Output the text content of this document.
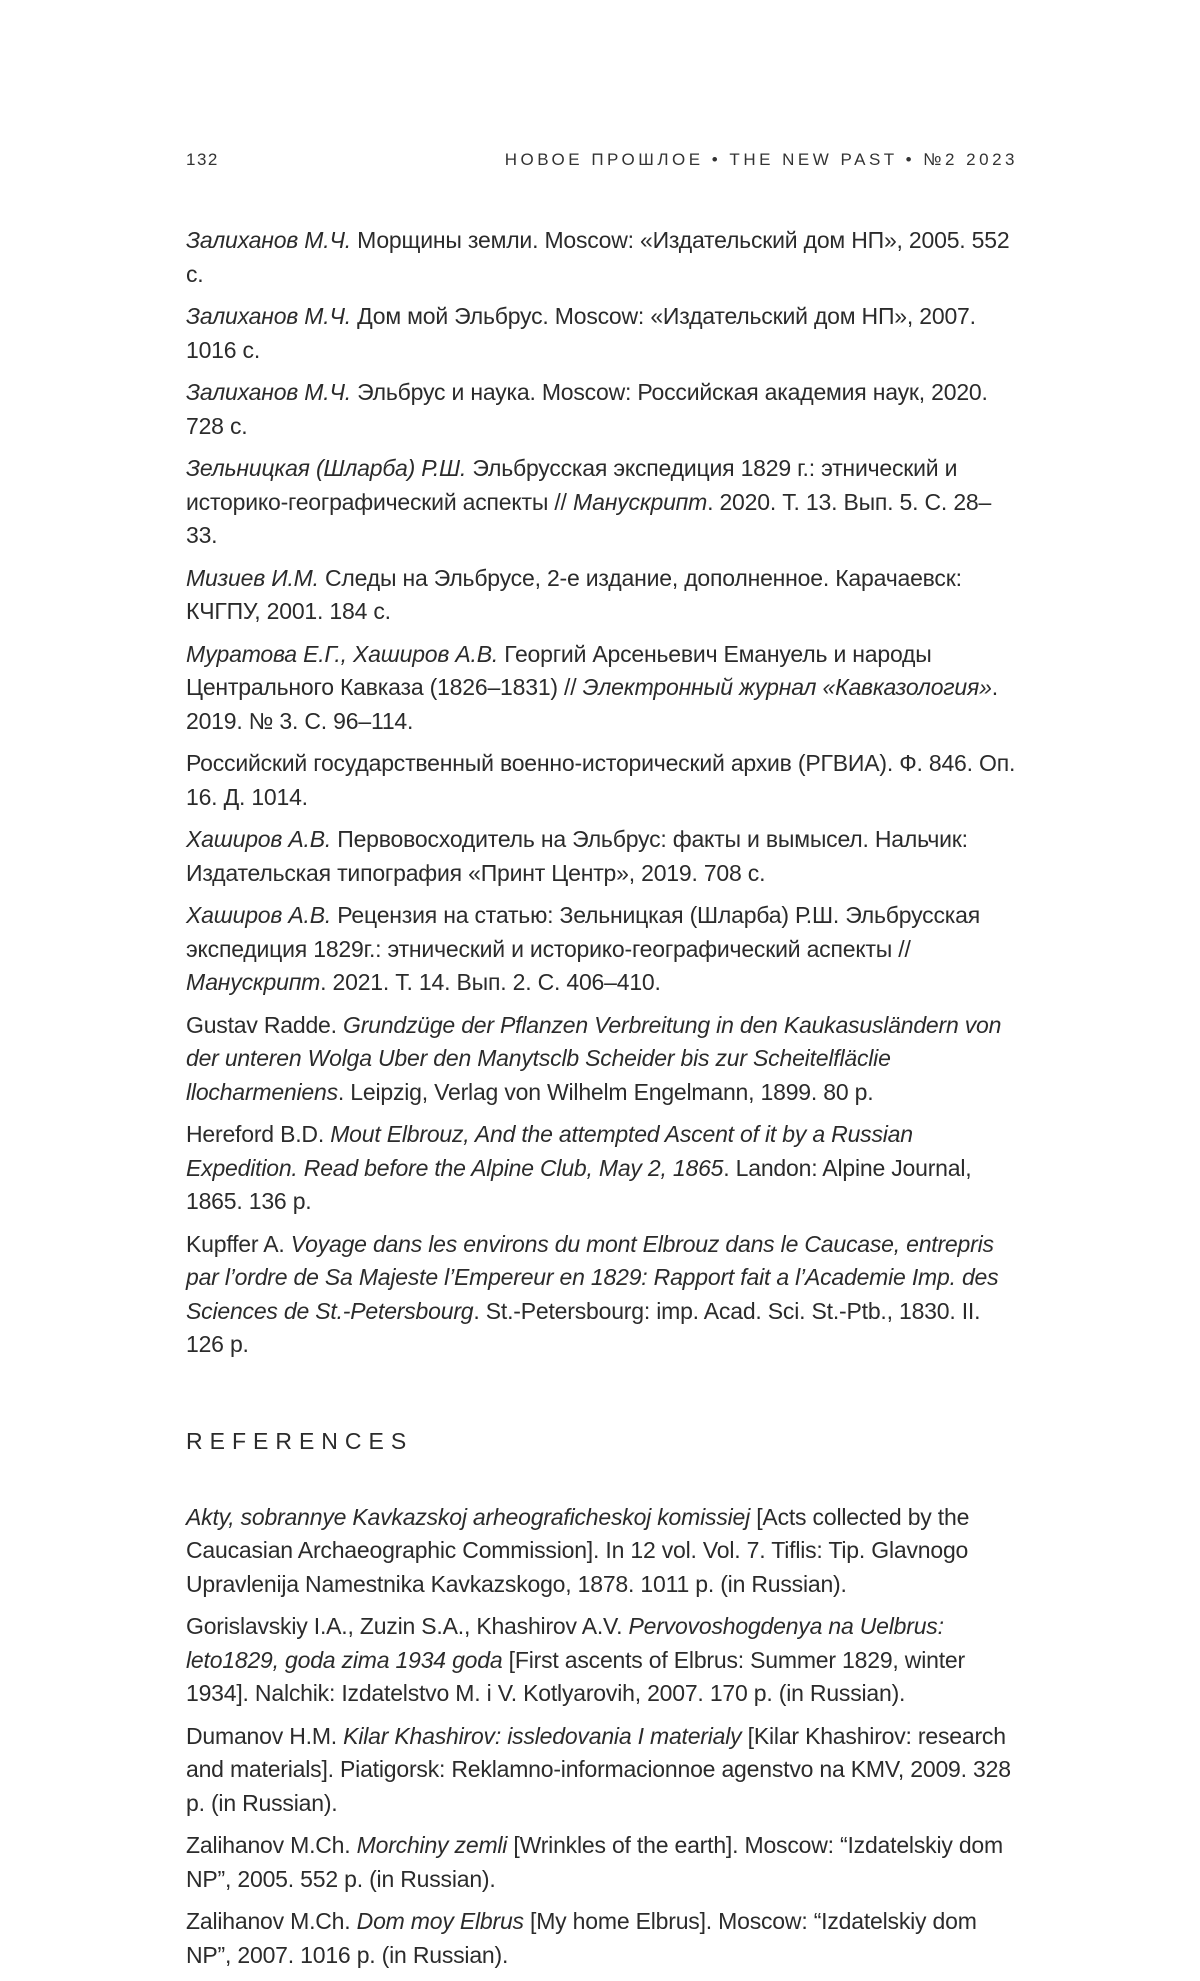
132	НОВОЕ ПРОШЛОЕ • THE NEW PAST • №2 2023

Залиханов М.Ч. Морщины земли. Moscow: «Издательский дом НП», 2005. 552 с.

Залиханов М.Ч. Дом мой Эльбрус. Moscow: «Издательский дом НП», 2007. 1016 с.

Залиханов М.Ч. Эльбрус и наука. Moscow: Российская академия наук, 2020. 728 с.

Зельницкая (Шларба) Р.Ш. Эльбрусская экспедиция 1829 г.: этнический и историко-географический аспекты // Манускрипт. 2020. Т. 13. Вып. 5. С. 28–33.

Мизиев И.М. Следы на Эльбрусе, 2-е издание, дополненное. Карачаевск: КЧГПУ, 2001. 184 с.

Муратова Е.Г., Хаширов А.В. Георгий Арсеньевич Емануель и народы Центрального Кавказа (1826–1831) // Электронный журнал «Кавказология». 2019. № 3. С. 96–114.

Российский государственный военно-исторический архив (РГВИА). Ф. 846. Оп. 16. Д. 1014.

Хаширов А.В. Первовосходитель на Эльбрус: факты и вымысел. Нальчик: Издательская типография «Принт Центр», 2019. 708 с.

Хаширов А.В. Рецензия на статью: Зельницкая (Шларба) Р.Ш. Эльбрусская экспедиция 1829г.: этнический и историко-географический аспекты // Манускрипт. 2021. Т. 14. Вып. 2. С. 406–410.

Gustav Radde. Grundzüge der Pflanzen Verbreitung in den Kaukasusländern von der unteren Wolga Uber den Manytsclb Scheider bis zur Scheitelfläclie llocharmeniens. Leipzig, Verlag von Wilhelm Engelmann, 1899. 80 p.

Hereford B.D. Mout Elbrouz, And the attempted Ascent of it by a Russian Expedition. Read before the Alpine Club, May 2, 1865. Landon: Alpine Journal, 1865. 136 p.

Kupffer A. Voyage dans les environs du mont Elbrouz dans le Caucase, entrepris par l’ordre de Sa Majeste l’Empereur en 1829: Rapport fait a l’Academie Imp. des Sciences de St.-Petersbourg. St.-Petersbourg: imp. Acad. Sci. St.-Ptb., 1830. II. 126 p.

REFERENCES

Akty, sobrannye Kavkazskoj arheograficheskoj komissiej [Acts collected by the Caucasian Archaeographic Commission]. In 12 vol. Vol. 7. Tiflis: Tip. Glavnogo Upravlenija Namestnika Kavkazskogo, 1878. 1011 p. (in Russian).

Gorislavskiy I.A., Zuzin S.A., Khashirov A.V. Pervovoshogdenya na Uelbrus: leto1829, goda zima 1934 goda [First ascents of Elbrus: Summer 1829, winter 1934]. Nalchik: Izdatelstvo M. i V. Kotlyarovih, 2007. 170 p. (in Russian).

Dumanov H.M. Kilar Khashirov: issledovania I materialy [Kilar Khashirov: research and materials]. Piatigorsk: Reklamno-informacionnoe agenstvo na KMV, 2009. 328 p. (in Russian).

Zalihanov M.Ch. Morchiny zemli [Wrinkles of the earth]. Moscow: “Izdatelskiy dom NP”, 2005. 552 p. (in Russian).

Zalihanov M.Ch. Dom moy Elbrus [My home Elbrus]. Moscow: “Izdatelskiy dom NP”, 2007. 1016 p. (in Russian).
